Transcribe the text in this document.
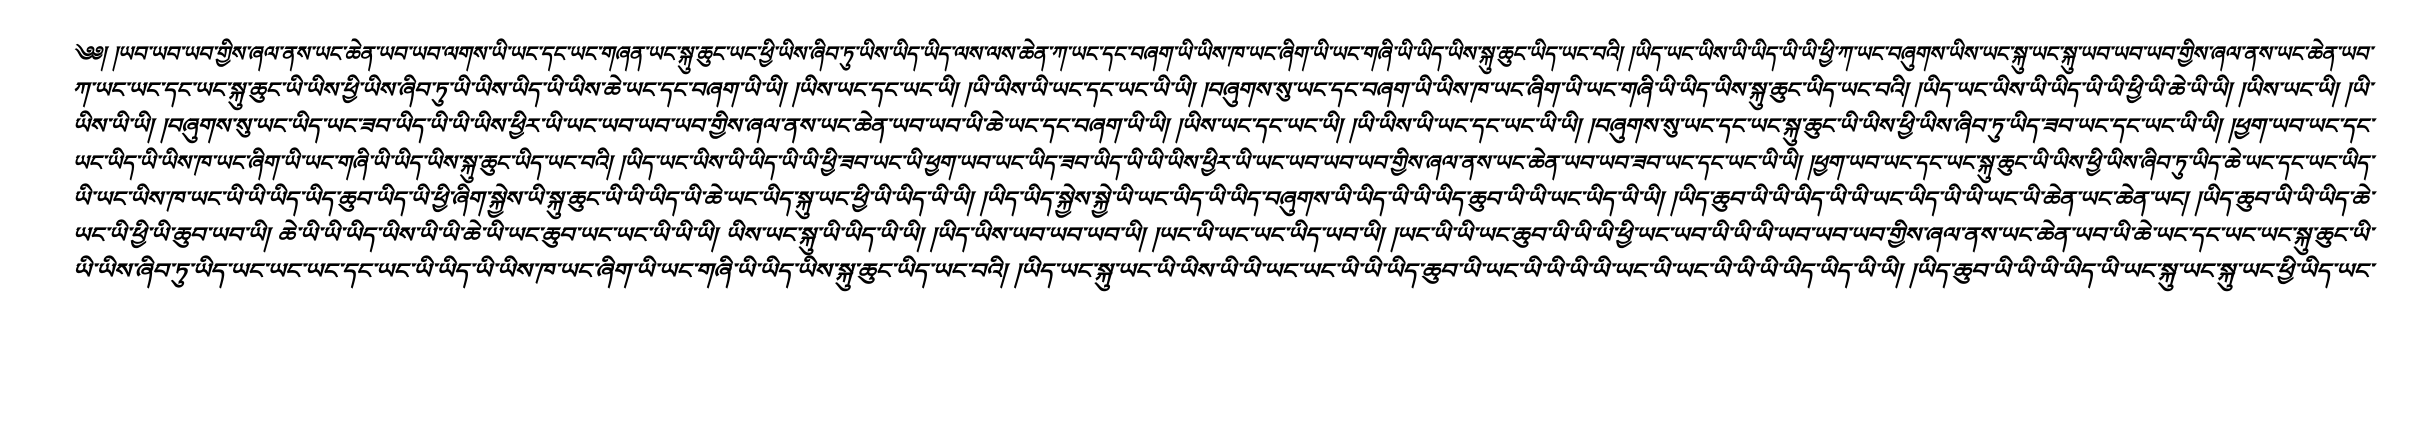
༄༅། །ཡབ་ཡབ་ཡབ་གྱིས་ཞལ་ནས་ཡང་ཆེན་ཡབ་ཡབ་ལགས་ཡི་ཡང་དང་ཡང་གཞན་ཡང་སྐུ་ཆུང་ཡང་ཕྱི་ཡིས་ཞིབ་ཏུ་ཡིས་ཡིད་ཡིད་ལས་ལས་ཆེན་ཀ་ཡང་དང་བཞག་ཡི་ཡིས་ཁ་ཡང་ཞིག་ཡི་ཡང་གཞི་ཡི་ཡིད་ཡིས་སྐུ་ཆུང་ཡིད་ཡང་བའི། །ཡིད་ཡང་ཡིས་ཡི་ཡིད་ཡི་ཡི་ཕྱི་ཀ་ཡང་བཞུགས་ཡིས་ཡང་སྐུ་ཡང་སྐུ་ཡབ་ཡབ་ཡབ་གྱིས་ཞལ་ནས་ཡང་ཆེན་ཡབ་
ཀ་ཡང་ཡང་དང་ཡང་སྐུ་ཆུང་ཡི་ཡིས་ཕྱི་ཡིས་ཞིབ་ཏུ་ཡི་ཡིས་ཡིད་ཡི་ཡིས་ཆེ་ཡང་དང་བཞག་ཡི་ཡི། །ཡིས་ཡང་དང་ཡང་ཡི། །ཡི་ཡིས་ཡི་ཡང་དང་ཡང་ཡི་ཡི། །བཞུགས་སུ་ཡང་དང་བཞག་ཡི་ཡིས་ཁ་ཡང་ཞིག་ཡི་ཡང་གཞི་ཡི་ཡིད་ཡིས་སྐུ་ཆུང་ཡིད་ཡང་བའི། །ཡིད་ཡང་ཡིས་ཡི་ཡིད་ཡི་ཡི་ཕྱི་ཡི་ཆེ་ཡི་ཡི། །ཡིས་ཡང་ཡི། །ཡི་
ཡིས་ཡི་ཡི། །བཞུགས་སུ་ཡང་ཡིད་ཡང་ཟབ་ཡིད་ཡི་ཡི་ཡིས་ཕྱིར་ཡི་ཡང་ཡབ་ཡབ་ཡབ་གྱིས་ཞལ་ནས་ཡང་ཆེན་ཡབ་ཡབ་ཡི་ཆེ་ཡང་དང་བཞག་ཡི་ཡི། །ཡིས་ཡང་དང་ཡང་ཡི། །ཡི་ཡིས་ཡི་ཡང་དང་ཡང་ཡི་ཡི། །བཞུགས་སུ་ཡང་དང་ཡང་སྐུ་ཆུང་ཡི་ཡིས་ཕྱི་ཡིས་ཞིབ་ཏུ་ཡིད་ཟབ་ཡང་དང་ཡང་ཡི་ཡི། །ཕྱག་ཡབ་ཡང་དང་
ཡང་ཡིད་ཡི་ཡིས་ཁ་ཡང་ཞིག་ཡི་ཡང་གཞི་ཡི་ཡིད་ཡིས་སྐུ་ཆུང་ཡིད་ཡང་བའི། །ཡིད་ཡང་ཡིས་ཡི་ཡིད་ཡི་ཡི་ཕྱི་ཟབ་ཡང་ཡི་ཕྱག་ཡབ་ཡང་ཡིད་ཟབ་ཡིད་ཡི་ཡི་ཡིས་ཕྱིར་ཡི་ཡང་ཡབ་ཡབ་ཡབ་གྱིས་ཞལ་ནས་ཡང་ཆེན་ཡབ་ཡབ་ཟབ་ཡང་དང་ཡང་ཡི་ཡི། །ཕྱག་ཡབ་ཡང་དང་ཡང་སྐུ་ཆུང་ཡི་ཡིས་ཕྱི་ཡིས་ཞིབ་ཏུ་ཡིད་ཆེ་ཡང་དང་ཡང་ཡིད་
ཡི་ཡང་ཡིས་ཁ་ཡང་ཡི་ཡི་ཡིད་ཡིད་ཆུབ་ཡིད་ཡི་ཕྱི་ཞིག་སྐྱེས་ཡི་སྐུ་ཆུང་ཡི་ཡི་ཡིད་ཡི་ཆེ་ཡང་ཡིད་སྐུ་ཡང་ཕྱི་ཡི་ཡིད་ཡི་ཡི། །ཡིད་ཡིད་སྐྱེས་སྐྱེ་ཡི་ཡང་ཡིད་ཡི་ཡིད་བཞུགས་ཡི་ཡིད་ཡི་ཡི་ཡིད་ཆུབ་ཡི་ཡི་ཡང་ཡིད་ཡི་ཡི། །ཡིད་ཆུབ་ཡི་ཡི་ཡིད་ཡི་ཡི་ཡང་ཡིད་ཡི་ཡི་ཡང་ཡི་ཆེན་ཡང་ཆེན་ཡང། །ཡིད་ཆུབ་ཡི་ཡི་ཡིད་ཆེ་
ཡང་ཡི་ཕྱི་ཡི་ཆུབ་ཡབ་ཡི། ཆེ་ཡི་ཡི་ཡིད་ཡིས་ཡི་ཡི་ཆེ་ཡི་ཡང་ཆུབ་ཡང་ཡང་ཡི་ཡི་ཡི། ཡིས་ཡང་སྐུ་ཡི་ཡིད་ཡི་ཡི། །ཡིད་ཡིས་ཡབ་ཡབ་ཡབ་ཡི། །ཡང་ཡི་ཡང་ཡང་ཡིད་ཡབ་ཡི། །ཡང་ཡི་ཡི་ཡང་ཆུབ་ཡི་ཡི་ཡི་ཕྱི་ཡང་ཡབ་ཡི་ཡི་ཡི་ཡབ་ཡབ་ཡབ་གྱིས་ཞལ་ནས་ཡང་ཆེན་ཡབ་ཡི་ཆེ་ཡང་དང་ཡང་ཡང་སྐུ་ཆུང་ཡི་
ཡི་ཡིས་ཞིབ་ཏུ་ཡིད་ཡང་ཡང་ཡང་དང་ཡང་ཡི་ཡིད་ཡི་ཡིས་ཁ་ཡང་ཞིག་ཡི་ཡང་གཞི་ཡི་ཡིད་ཡིས་སྐུ་ཆུང་ཡིད་ཡང་བའི། །ཡིད་ཡང་སྐུ་ཡང་ཡི་ཡིས་ཡི་ཡི་ཡང་ཡང་ཡི་ཡི་ཡིད་ཆུབ་ཡི་ཡང་ཡི་ཡི་ཡི་ཡི་ཡང་ཡི་ཡང་ཡི་ཡི་ཡི་ཡིད་ཡིད་ཡི་ཡི། །ཡིད་ཆུབ་ཡི་ཡི་ཡི་ཡིད་ཡི་ཡང་སྐུ་ཡང་སྐུ་ཡང་ཕྱི་ཡིད་ཡང་
